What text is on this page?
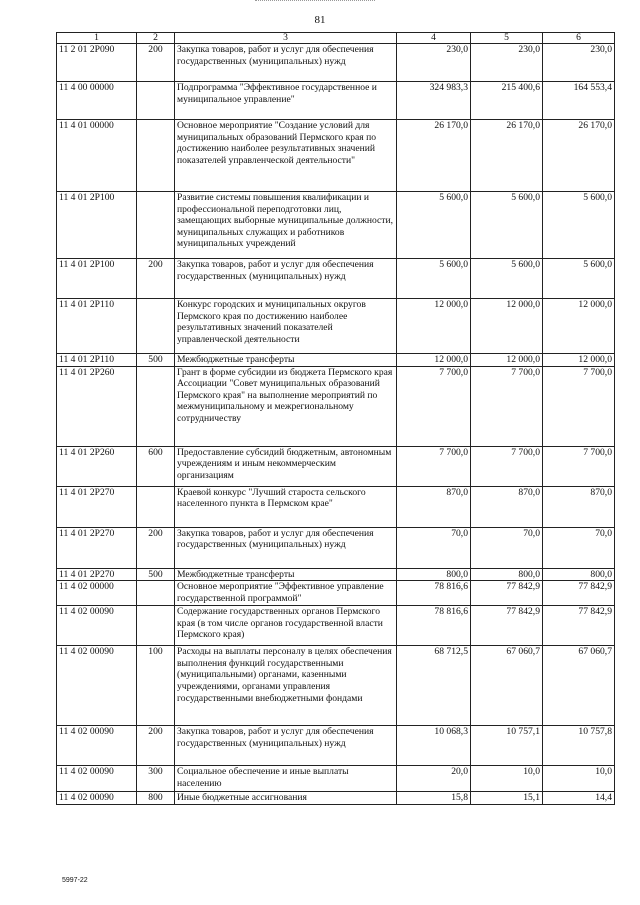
81
1	2	3	4	5	6
11 2 01 2P090	200	Закупка товаров, работ и услуг для обеспечения государственных (муниципальных) нужд	230,0	230,0	230,0
11 4 00 00000		Подпрограмма "Эффективное государственное и муниципальное управление"	324 983,3	215 400,6	164 553,4
11 4 01 00000		Основное мероприятие "Создание условий для муниципальных образований Пермского края по достижению наиболее результативных значений показателей управленческой деятельности"	26 170,0	26 170,0	26 170,0
11 4 01 2P100		Развитие системы повышения квалификации и профессиональной переподготовки лиц, замещающих выборные муниципальные должности, муниципальных служащих и работников муниципальных учреждений	5 600,0	5 600,0	5 600,0
11 4 01 2P100	200	Закупка товаров, работ и услуг для обеспечения государственных (муниципальных) нужд	5 600,0	5 600,0	5 600,0
11 4 01 2P110		Конкурс городских и муниципальных округов Пермского края по достижению наиболее результативных значений показателей управленческой деятельности	12 000,0	12 000,0	12 000,0
11 4 01 2P110	500	Межбюджетные трансферты	12 000,0	12 000,0	12 000,0
11 4 01 2P260		Грант в форме субсидии из бюджета Пермского края Ассоциации "Совет муниципальных образований Пермского края" на выполнение мероприятий по межмуниципальному и межрегиональному сотрудничеству	7 700,0	7 700,0	7 700,0
11 4 01 2P260	600	Предоставление субсидий бюджетным, автономным учреждениям и иным некоммерческим организациям	7 700,0	7 700,0	7 700,0
11 4 01 2P270		Краевой конкурс "Лучший староста сельского населенного пункта в Пермском крае"	870,0	870,0	870,0
11 4 01 2P270	200	Закупка товаров, работ и услуг для обеспечения государственных (муниципальных) нужд	70,0	70,0	70,0
11 4 01 2P270	500	Межбюджетные трансферты	800,0	800,0	800,0
11 4 02 00000		Основное мероприятие "Эффективное управление государственной программой"	78 816,6	77 842,9	77 842,9
11 4 02 00090		Содержание государственных органов Пермского края (в том числе органов государственной власти Пермского края)	78 816,6	77 842,9	77 842,9
11 4 02 00090	100	Расходы на выплаты персоналу в целях обеспечения выполнения функций государственными (муниципальными) органами, казенными учреждениями, органами управления государственными внебюджетными фондами	68 712,5	67 060,7	67 060,7
11 4 02 00090	200	Закупка товаров, работ и услуг для обеспечения государственных (муниципальных) нужд	10 068,3	10 757,1	10 757,8
11 4 02 00090	300	Социальное обеспечение и иные выплаты населению	20,0	10,0	10,0
11 4 02 00090	800	Иные бюджетные ассигнования	15,8	15,1	14,4
5997-22
